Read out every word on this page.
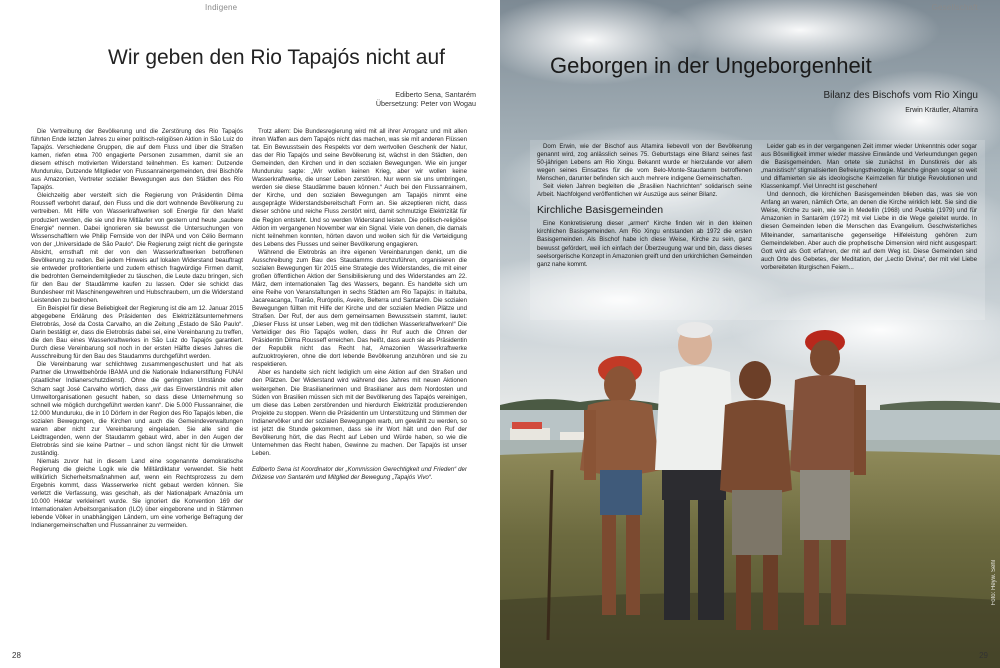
Indigene
Wir geben den Rio Tapajós nicht auf
Ediberto Sena, Santarém
Übersetzung: Peter von Wogau

Die Vertreibung der Bevölkerung und die Zerstörung des Rio Tapajós führten Ende letzten Jahres zu einer politisch-religiösen Aktion in São Luiz do Tapajós. Verschiedene Gruppen, die auf dem Fluss und über die Straßen kamen, riefen etwa 700 engagierte Personen zusammen, damit sie an diesem ethisch motivierten Widerstand teilnehmen. Es kamen: Dutzende Munduruku, Dutzende Mitglieder von Flussanrainergemeinden, drei Bischöfe aus Amazonien, Vertreter sozialer Bewegungen aus den Städten des Rio Tapajós.

Gleichzeitig aber versteift sich die Regierung von Präsidentin Dilma Rousseff verbohrt darauf, den Fluss und die dort wohnende Bevölkerung zu vertreiben. Mit Hilfe von Wasserkraftwerken soll Energie für den Markt produziert werden, die sie und ihre Mitläufer von gestern und heute „saubere Energie“ nennen. Dabei ignorieren sie bewusst die Untersuchungen von Wissenschaftlern wie Philip Fernside von der INPA und von Célio Bermann von der „Universidade de São Paulo“. Die Regierung zeigt nicht die geringste Absicht, ernsthaft mit der von den Wasserkraftwerken betroffenen Bevölkerung zu reden. Bei jedem Hinweis auf lokalen Widerstand beauftragt sie entweder profitorientierte und zudem ethisch fragwürdige Firmen damit, die bedrohten Gemeindemitglieder zu täuschen, die Leute dazu bringen, sich für den Bau der Staudämme kaufen zu lassen. Oder sie schickt das Bundesheer mit Maschinengewehren und Hubschraubern, um die Widerstand Leistenden zu bedrohen.

Ein Beispiel für diese Beliebigkeit der Regierung ist die am 12. Januar 2015 abgegebene Erklärung des Präsidenten des Elektrizitätsunternehmens Eletrobrás, José da Costa Carvalho, an die Zeitung „Estado de São Paulo“. Darin bestätigt er, dass die Eletrobrás dabei sei, eine Vereinbarung zu treffen, die den Bau eines Wasserkraftwerkes in São Luiz do Tapajós garantiert. Durch diese Vereinbarung soll noch in der ersten Hälfte dieses Jahres die Ausschreibung für den Bau des Staudamms durchgeführt werden.

Die Vereinbarung war schlichtweg zusammengeschustert und hat als Partner die Umweltbehörde IBAMA und die Nationale Indianerstiftung FUNAI (staatlicher Indianerschutzdienst). Ohne die geringsten Umstände oder Scham sagt José Carvalho wörtlich, dass „wir das Einverständnis mit allen Umweltorganisationen gesucht haben, so dass diese Unternehmung so schnell wie möglich durchgeführt werden kann“. Die 5.000 Flussanrainer, die 12.000 Munduruku, die in 10 Dörfern in der Region des Rio Tapajós leben, die sozialen Bewegungen, die Kirchen und auch die Gemeindeverwaltungen waren aber nicht zur Vereinbarung eingeladen. Sie alle sind die Leidtragenden, wenn der Staudamm gebaut wird, aber in den Augen der Eletrobrás sind sie keine Partner – und schon längst nicht für die Umwelt zuständig.

Niemals zuvor hat in diesem Land eine sogenannte demokratische Regierung die gleiche Logik wie die Militärdiktatur verwendet. Sie hebt willkürlich Sicherheitsmaßnahmen auf, wenn ein Rechtsprozess zu dem Ergebnis kommt, dass Wasserwerke nicht gebaut werden können. Sie verletzt die Verfassung, was geschah, als der Nationalpark Amazônia um 10.000 Hektar verkleinert wurde. Sie ignoriert die Konvention 169 der Internationalen Arbeitsorganisation (ILO) über eingeborene und in Stämmen lebende Völker in unabhängigen Ländern, um eine vorherige Befragung der Indianergemeinschaften und Flussanrainer zu vermeiden.

Trotz allem: Die Bundesregierung wird mit all ihrer Arroganz und mit allen ihren Waffen aus dem Tapajós nicht das machen, was sie mit anderen Flüssen tat. Ein Bewusstsein des Respekts vor dem wertvollen Geschenk der Natur, das der Rio Tapajós und seine Bevölkerung ist, wächst in den Städten, den Gemeinden, den Kirchen und in den sozialen Bewegungen. Wie ein junger Munduruku sagte: „Wir wollen keinen Krieg, aber wir wollen keine Wasserkraftwerke, die unser Leben zerstören. Nur wenn sie uns umbringen, werden sie diese Staudämme bauen können.“ Auch bei den Flussanrainern, der Kirche, und den sozialen Bewegungen am Tapajós nimmt eine ausgeprägte Widerstandsbereitschaft Form an. Sie akzeptieren nicht, dass dieser schöne und reiche Fluss zerstört wird, damit schmutzige Elektrizität für die Region entsteht. Und so werden Widerstand leisten. Die politisch-religiöse Aktion im vergangenen November war ein Signal. Viele von denen, die damals nicht teilnehmen konnten, hörten davon und wollen sich für die Verteidigung des Lebens des Flusses und seiner Bevölkerung engagieren.

Während die Eletrobrás an ihre eigenen Vereinbarungen denkt, um die Ausschreibung zum Bau des Staudamms durchzuführen, organisieren die sozialen Bewegungen für 2015 eine Strategie des Widerstandes, die mit einer großen öffentlichen Aktion der Sensibilisierung und des Widerstandes am 22. März, dem internationalen Tag des Wassers, begann. Es handelte sich um eine Reihe von Veranstaltungen in sechs Städten am Rio Tapajós: in Itaituba, Jacareacanga, Trairão, Rurópolis, Aveiro, Belterra und Santarém. Die sozialen Bewegungen füllten mit Hilfe der Kirche und der sozialen Medien Plätze und Straßen. Der Ruf, der aus dem gemeinsamen Bewusstsein stammt, lautet: „Dieser Fluss ist unser Leben, weg mit den tödlichen Wasserkraftwerken!“ Die Verteidiger des Rio Tapajós wollen, dass ihr Ruf auch die Ohren der Präsidentin Dilma Rousseff erreichen. Das heißt, dass auch sie als Präsidentin der Republik nicht das Recht hat, Amazonien Wasserkraftwerke aufzuoktroyieren, ohne die dort lebende Bevölkerung anzuhören und sie zu respektieren.

Aber es handelte sich nicht lediglich um eine Aktion auf den Straßen und den Plätzen. Der Widerstand wird während des Jahres mit neuen Aktionen weitergehen. Die Brasilianerinnen und Brasilianer aus dem Nordosten und Süden von Brasilien müssen sich mit der Bevölkerung des Tapajós vereinigen, um diese das Leben zerstörenden und hierdurch Elektrizität produzierenden Projekte zu stoppen. Wenn die Präsidentin um Unterstützung und Stimmen der Indianervölker und der sozialen Bewegungen warb, um gewählt zu werden, so ist jetzt die Stunde gekommen, dass sie ihr Wort hält und den Ruf der Bevölkerung hört, die das Recht auf Leben und Würde haben, so wie die Unternehmen das Recht haben, Gewinne zu machen. Der Tapajós ist unser Leben.

Ediberto Sena ist Koordinator der „Kommission Gerechtigkeit und Frieden“ der Diözese von Santarém und Mitglied der Bewegung „Tapajós Vivo“.

28
Gesellschaft
Geborgen in der Ungeborgenheit
Bilanz des Bischofs vom Rio Xingu
Erwin Kräutler, Altamira

Dom Erwin, wie der Bischof aus Altamira liebevoll von der Bevölkerung genannt wird, zog anlässlich seines 75. Geburtstags eine Bilanz seines fast 50-jährigen Lebens am Rio Xingu. Bekannt wurde er hierzulande vor allem wegen seines Einsatzes für die vom Belo-Monte-Staudamm betroffenen Menschen, darunter befinden sich auch mehrere indigene Gemeinschaften.

Seit vielen Jahren begleiten die „Brasilien Nachrichten“ solidarisch seine Arbeit. Nachfolgend veröffentlichen wir Auszüge aus seiner Bilanz.

Kirchliche Basisgemeinden

Eine Konkretisierung dieser „armen“ Kirche finden wir in den kleinen kirchlichen Basisgemeinden. Am Rio Xingu entstanden ab 1972 die ersten Basisgemeinden. Als Bischof habe ich diese Weise, Kirche zu sein, ganz bewusst gefördert, weil ich einfach der Überzeugung war und bin, dass dieses seelsorgerische Konzept in Amazonien greift und den urkirchlichen Gemeinden ganz nahe kommt.

Leider gab es in der vergangenen Zeit immer wieder Unkenntnis oder sogar aus Böswilligkeit immer wieder massive Einwände und Verleumdungen gegen die Basisgemeinden. Man ortete sie zunächst im Dunstkreis der als „marxistisch“ stigmatisierten Befreiungstheologie. Manche gingen sogar so weit und diffamierten sie als ideologische Keimzellen für blutige Revolutionen und Klassenkampf. Viel Unrecht ist geschehen!

Und dennoch, die kirchlichen Basisgemeinden blieben das, was sie von Anfang an waren, nämlich Orte, an denen die Kirche wirklich lebt. Sie sind die Weise, Kirche zu sein, wie sie in Medellín (1968) und Puebla (1979) und für Amazonien in Santarém (1972) mit viel Liebe in die Wege geleitet wurde. In diesen Gemeinden leben die Menschen das Evangelium. Geschwisterliches Miteinander, samaritanische gegenseitige Hilfeleistung gehören zum Gemeindeleben. Aber auch die prophetische Dimension wird nicht ausgespart: Gott wird als Gott erfahren, der mit auf dem Weg ist. Diese Gemeinden sind auch Orte des Gebetes, der Meditation, der „Lectio Divina“, der mit viel Liebe vorbereiteten liturgischen Feiern...

Foto: Heyw. Sehl
29
